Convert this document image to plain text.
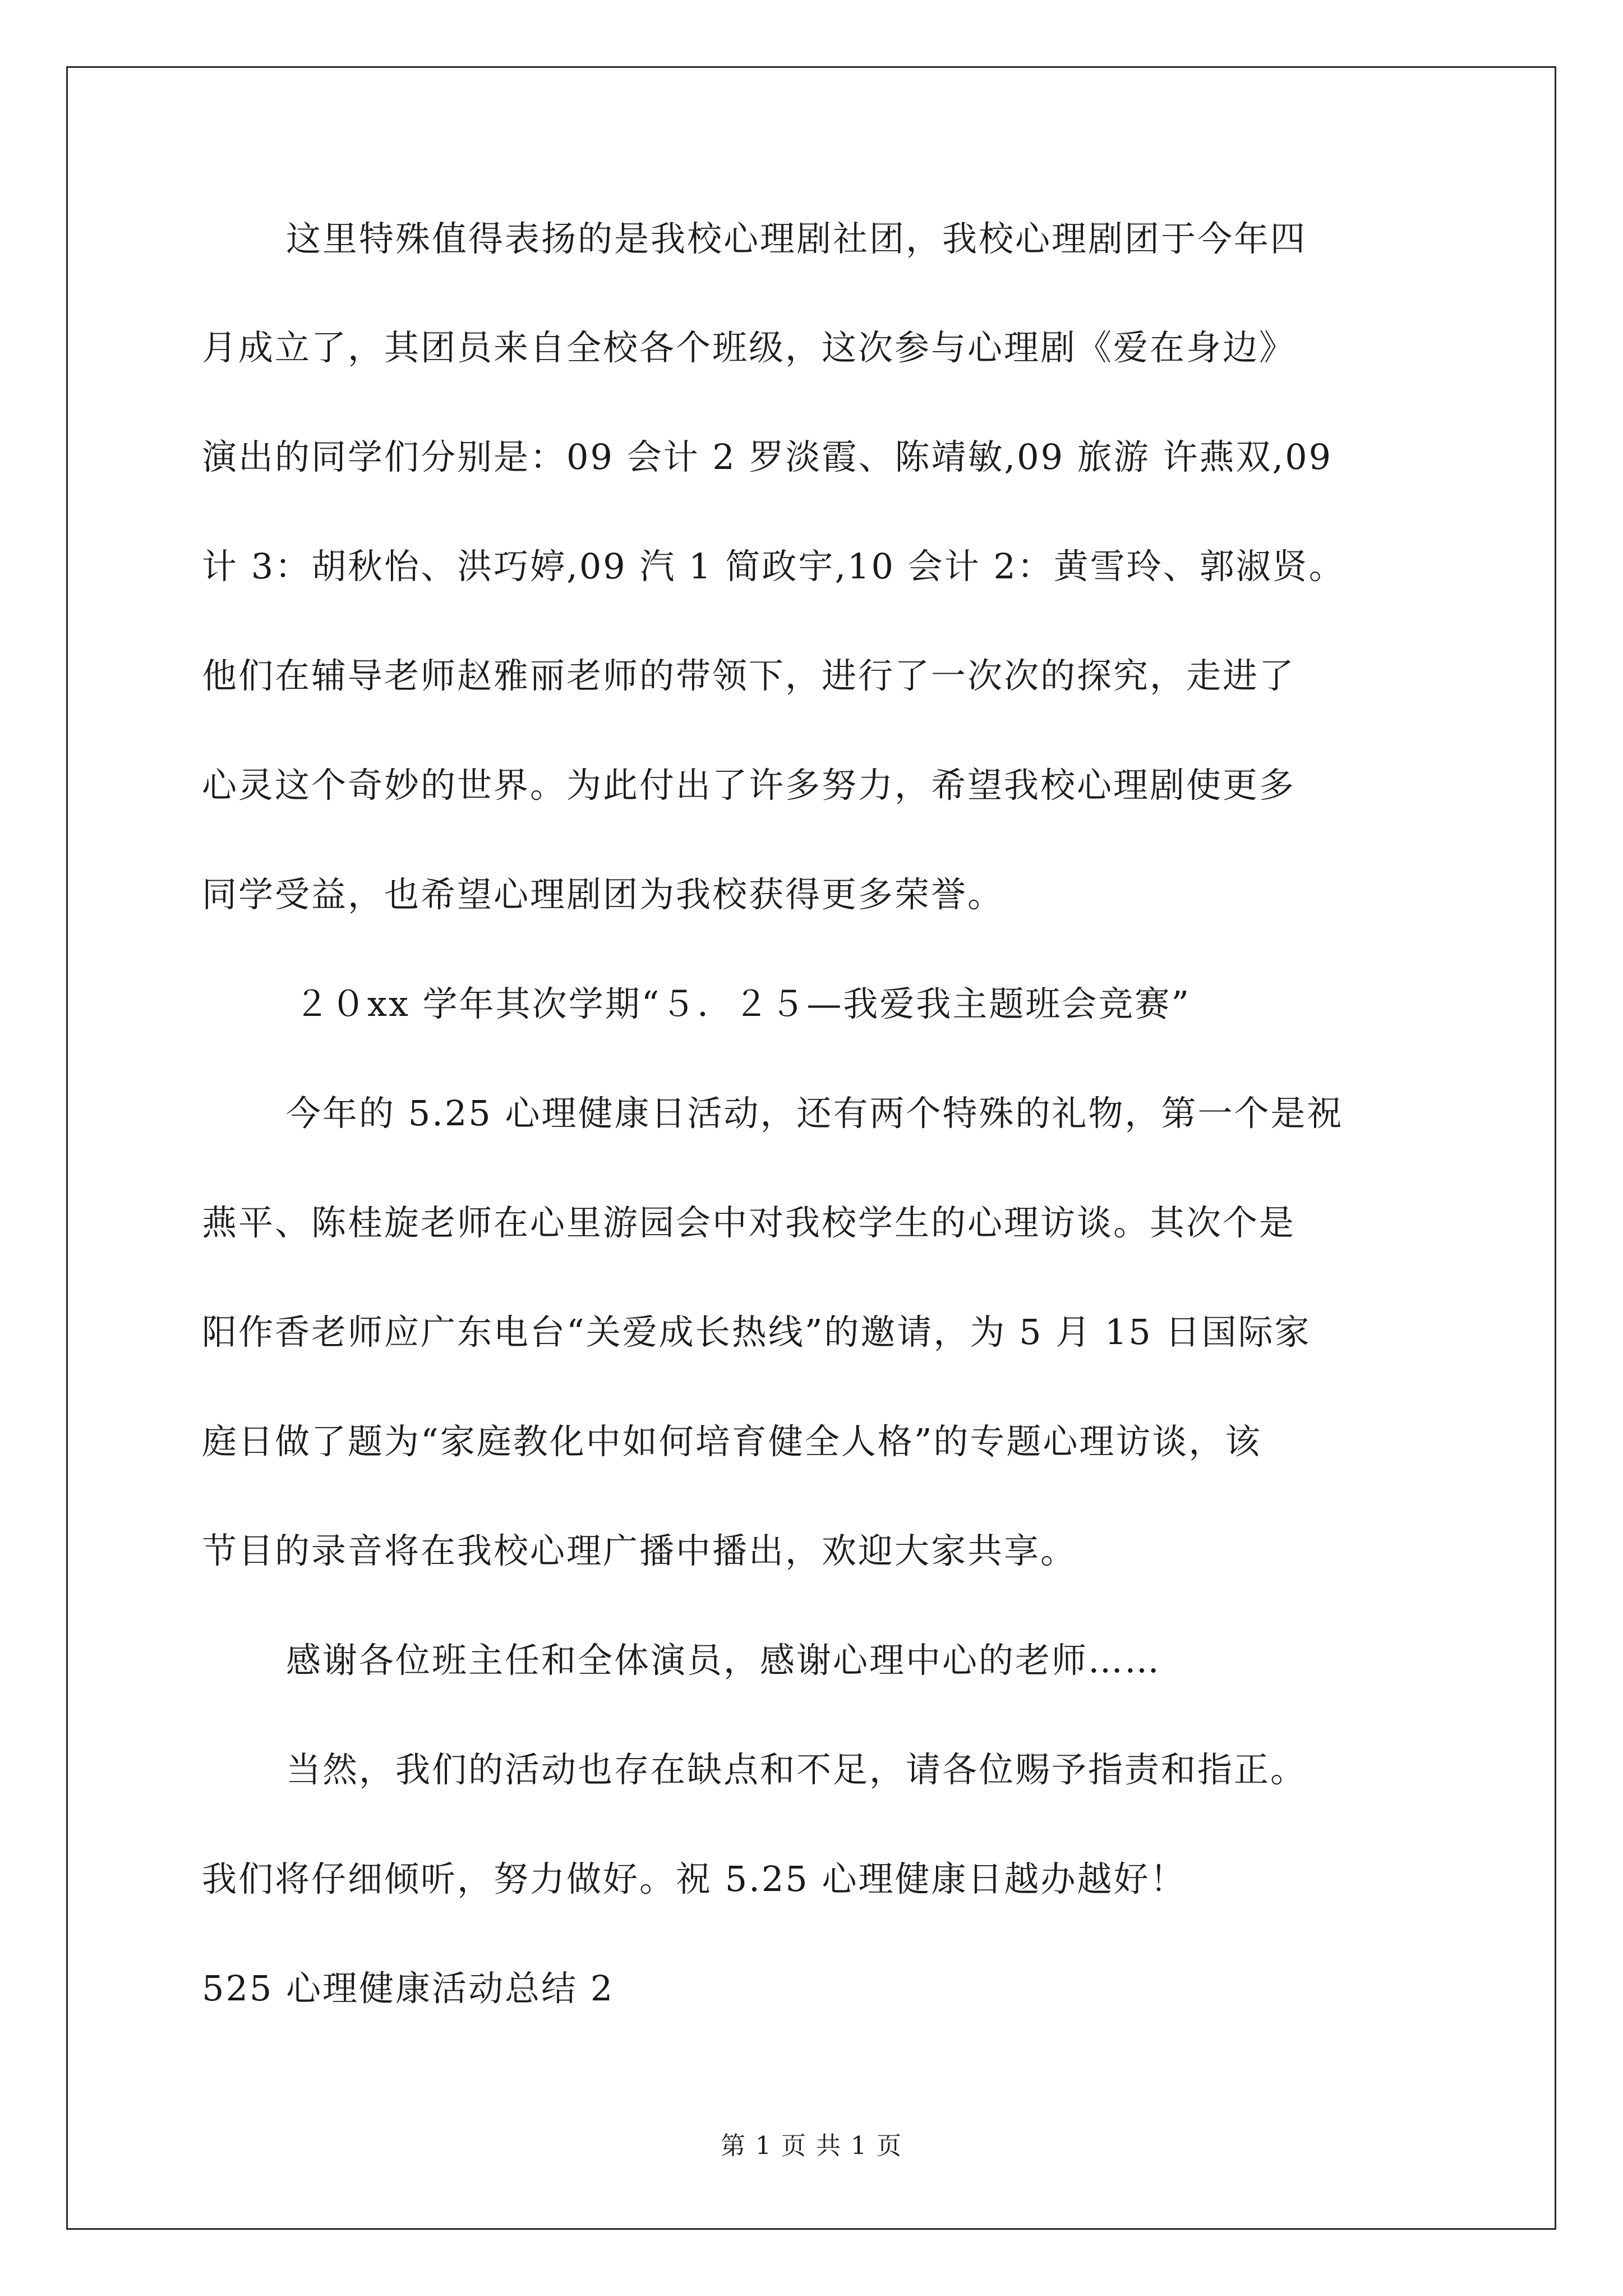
这里特殊值得表扬的是我校心理剧社团，我校心理剧团于今年四

月成立了，其团员来自全校各个班级，这次参与心理剧《爱在身边》

演出的同学们分别是：09 会计 2 罗淡霞、陈靖敏,09 旅游 许燕双,09

计 3：胡秋怡、洪巧婷,09 汽 1 简政宇,10 会计 2：黄雪玲、郭淑贤。

他们在辅导老师赵雅丽老师的带领下，进行了一次次的探究，走进了

心灵这个奇妙的世界。为此付出了许多努力，希望我校心理剧使更多

同学受益，也希望心理剧团为我校获得更多荣誉。

２０xx 学年其次学期“５．２５—我爱我主题班会竞赛”

今年的 5.25 心理健康日活动，还有两个特殊的礼物，第一个是祝

燕平、陈桂旋老师在心里游园会中对我校学生的心理访谈。其次个是

阳作香老师应广东电台“关爱成长热线”的邀请，为 5 月 15 日国际家

庭日做了题为“家庭教化中如何培育健全人格”的专题心理访谈，该

节目的录音将在我校心理广播中播出，欢迎大家共享。

感谢各位班主任和全体演员，感谢心理中心的老师……

当然，我们的活动也存在缺点和不足，请各位赐予指责和指正。

我们将仔细倾听，努力做好。祝 5.25 心理健康日越办越好！

525 心理健康活动总结 2

第 1 页 共 1 页
